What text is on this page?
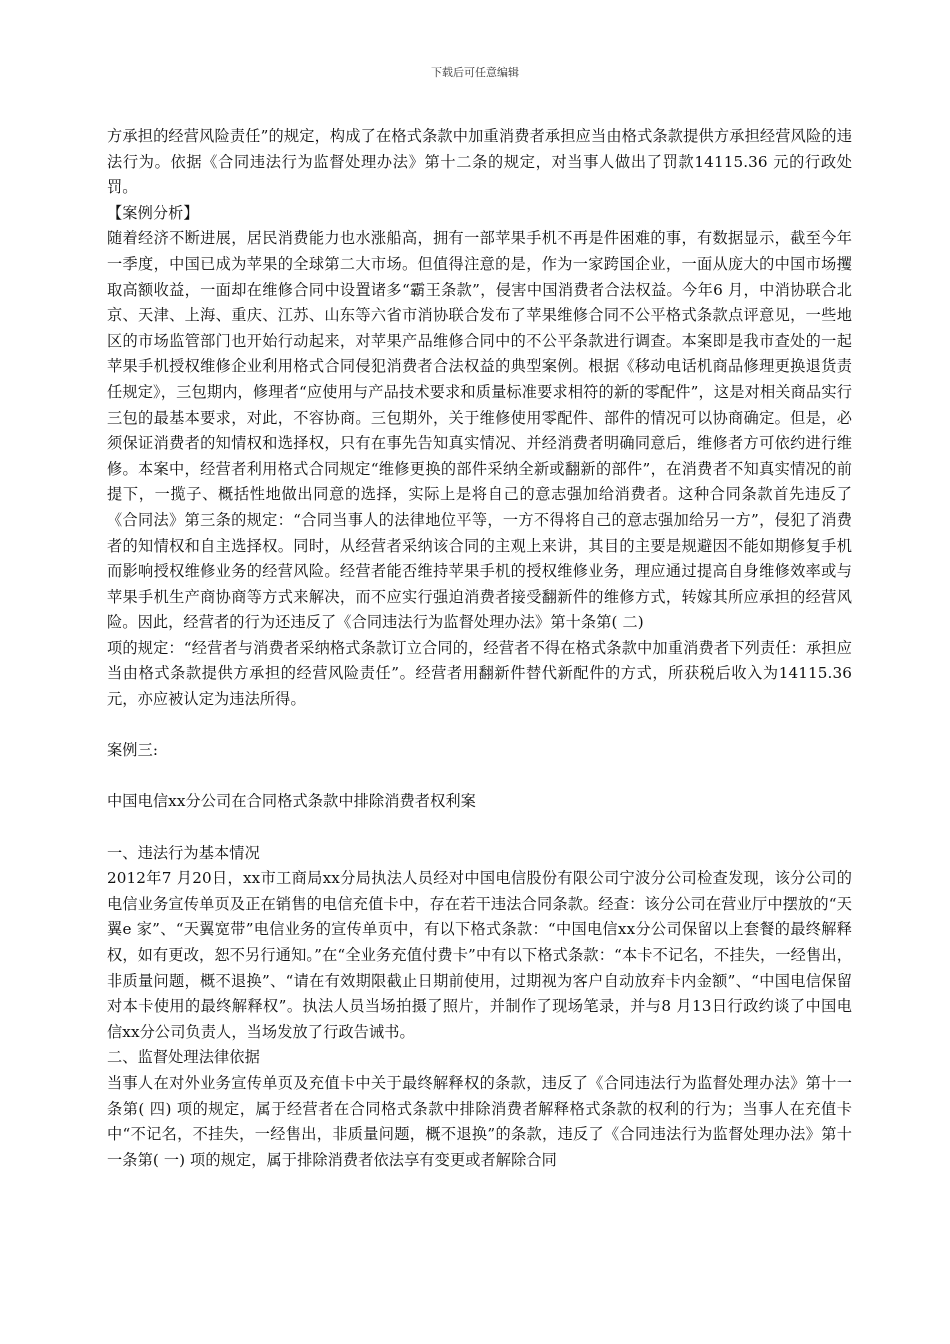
下载后可任意编辑

方承担的经营风险责任”的规定，构成了在格式条款中加重消费者承担应当由格式条款提供方承担经营风险的违法行为。依据《合同违法行为监督处理办法》第十二条的规定，对当事人做出了罚款14115.36 元的行政处罚。

【案例分析】

随着经济不断进展，居民消费能力也水涨船高，拥有一部苹果手机不再是件困难的事，有数据显示，截至今年一季度，中国已成为苹果的全球第二大市场。但值得注意的是，作为一家跨国企业，一面从庞大的中国市场攫取高额收益，一面却在维修合同中设置诸多“霸王条款”，侵害中国消费者合法权益。今年6 月，中消协联合北京、天津、上海、重庆、江苏、山东等六省市消协联合发布了苹果维修合同不公平格式条款点评意见，一些地区的市场监管部门也开始行动起来，对苹果产品维修合同中的不公平条款进行调查。本案即是我市查处的一起苹果手机授权维修企业利用格式合同侵犯消费者合法权益的典型案例。根据《移动电话机商品修理更换退货责任规定》，三包期内，修理者“应使用与产品技术要求和质量标准要求相符的新的零配件”，这是对相关商品实行三包的最基本要求，对此，不容协商。三包期外，关于维修使用零配件、部件的情况可以协商确定。但是，必须保证消费者的知情权和选择权，只有在事先告知真实情况、并经消费者明确同意后，维修者方可依约进行维修。本案中，经营者利用格式合同规定“维修更换的部件采纳全新或翻新的部件”，在消费者不知真实情况的前提下，一揽子、概括性地做出同意的选择，实际上是将自己的意志强加给消费者。这种合同条款首先违反了《合同法》第三条的规定：“合同当事人的法律地位平等，一方不得将自己的意志强加给另一方”，侵犯了消费者的知情权和自主选择权。同时，从经营者采纳该合同的主观上来讲，其目的主要是规避因不能如期修复手机而影响授权维修业务的经营风险。经营者能否维持苹果手机的授权维修业务，理应通过提高自身维修效率或与苹果手机生产商协商等方式来解决，而不应实行强迫消费者接受翻新件的维修方式，转嫁其所应承担的经营风险。因此，经营者的行为还违反了《合同违法行为监督处理办法》第十条第( 二)

项的规定：“经营者与消费者采纳格式条款订立合同的，经营者不得在格式条款中加重消费者下列责任：承担应当由格式条款提供方承担的经营风险责任”。经营者用翻新件替代新配件的方式，所获税后收入为14115.36 元，亦应被认定为违法所得。

案例三:

中国电信xx分公司在合同格式条款中排除消费者权利案

一、违法行为基本情况

2012年7 月20日，xx市工商局xx分局执法人员经对中国电信股份有限公司宁波分公司检查发现，该分公司的电信业务宣传单页及正在销售的电信充值卡中，存在若干违法合同条款。经查：该分公司在营业厅中摆放的“天翼e 家”、“天翼宽带”电信业务的宣传单页中，有以下格式条款：“中国电信xx分公司保留以上套餐的最终解释权，如有更改，恕不另行通知。”在“全业务充值付费卡”中有以下格式条款：“本卡不记名，不挂失，一经售出，非质量问题，概不退换”、“请在有效期限截止日期前使用，过期视为客户自动放弃卡内金额”、“中国电信保留对本卡使用的最终解释权”。执法人员当场拍摄了照片，并制作了现场笔录，并与8 月13日行政约谈了中国电信xx分公司负责人，当场发放了行政告诫书。

二、监督处理法律依据

当事人在对外业务宣传单页及充值卡中关于最终解释权的条款，违反了《合同违法行为监督处理办法》第十一条第( 四) 项的规定，属于经营者在合同格式条款中排除消费者解释格式条款的权利的行为；当事人在充值卡中“不记名，不挂失，一经售出，非质量问题，概不退换”的条款，违反了《合同违法行为监督处理办法》第十一条第( 一) 项的规定，属于排除消费者依法享有变更或者解除合同
